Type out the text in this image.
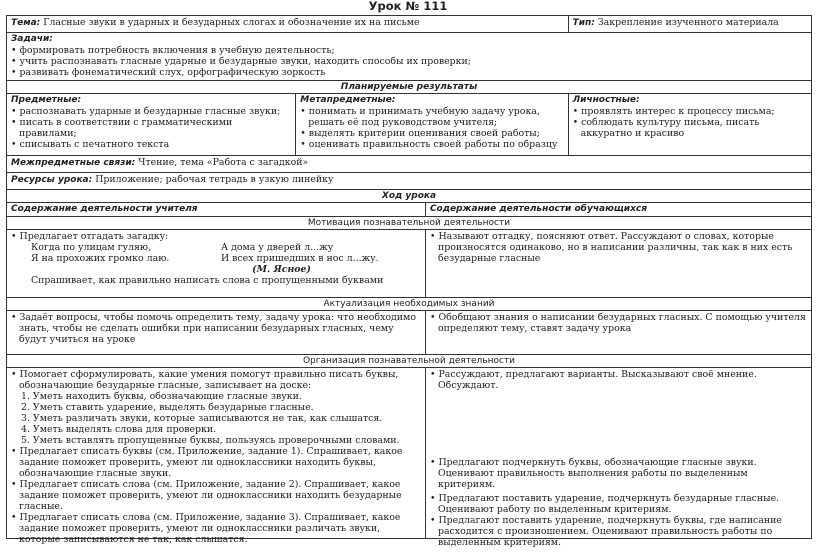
Урок № 111
Тема: Гласные звуки в ударных и безударных слогах и обозначение их на письме	Тип: Закрепление изученного материала
Задачи:
• формировать потребность включения в учебную деятельность;
• учить распознавать гласные ударные и безударные звуки, находить способы их проверки;
• развивать фонематический слух, орфографическую зоркость
Планируемые результаты
Предметные:
• распознавать ударные и безударные гласные звуки;
• писать в соответствии с грамматическими правилами;
• списывать с печатного текста
Метапредметные:
• понимать и принимать учебную задачу урока, решать её под руководством учителя;
• выделять критерии оценивания своей работы;
• оценивать правильность своей работы по образцу
Личностные:
• проявлять интерес к процессу письма;
• соблюдать культуру письма, писать аккуратно и красиво
Межпредметные связи: Чтение, тема «Работа с загадкой»
Ресурсы урока: Приложение; рабочая тетрадь в узкую линейку
Ход урока
Содержание деятельности учителя	Содержание деятельности обучающихся
Мотивация познавательной деятельности
• Предлагает отгадать загадку:
Когда по улицам гуляю,
Я на прохожих громко лаю.
А дома у дверей л...жу
И всех пришедших в нос л...жу.
(М. Ясное)
Спрашивает, как правильно написать слова с пропущенными буквами
• Называют отгадку, поясняют ответ. Рассуждают о словах, которые произносятся одинаково, но в написании различны, так как в них есть безударные гласные
Актуализация необходимых знаний
• Задаёт вопросы, чтобы помочь определить тему, задачу урока: что необходимо знать, чтобы не сделать ошибки при написании безударных гласных, чему будут учиться на уроке
• Обобщают знания о написании безударных гласных. С помощью учителя определяют тему, ставят задачу урока
Организация познавательной деятельности
• Помогает сформулировать, какие умения помогут правильно писать буквы, обозначающие безударные гласные, записывает на доске:
1. Уметь находить буквы, обозначающие гласные звуки.
2. Уметь ставить ударение, выделять безударные гласные.
3. Уметь различать звуки, которые записываются не так, как слышатся.
4. Уметь выделять слова для проверки.
5. Уметь вставлять пропущенные буквы, пользуясь проверочными словами.
• Предлагает списать буквы (см. Приложение, задание 1). Спрашивает, какое задание поможет проверить, умеют ли одноклассники находить буквы, обозначающие гласные звуки.
• Предлагает списать слова (см. Приложение, задание 2). Спрашивает, какое задание поможет проверить, умеют ли одноклассники находить безударные гласные.
• Предлагает списать слова (см. Приложение, задание 3). Спрашивает, какое задание поможет проверить, умеют ли одноклассники различать звуки, которые записываются не так, как слышатся.
• Рассуждают, предлагают варианты. Высказывают своё мнение. Обсуждают.
• Предлагают подчеркнуть буквы, обозначающие гласные звуки. Оценивают правильность выполнения работы по выделенным критериям.
• Предлагают поставить ударение, подчеркнуть безударные гласные. Оценивают работу по выделенным критериям.
• Предлагают поставить ударение, подчеркнуть буквы, где написание расходится с произношением. Оценивают правильность работы по выделенным критериям.
